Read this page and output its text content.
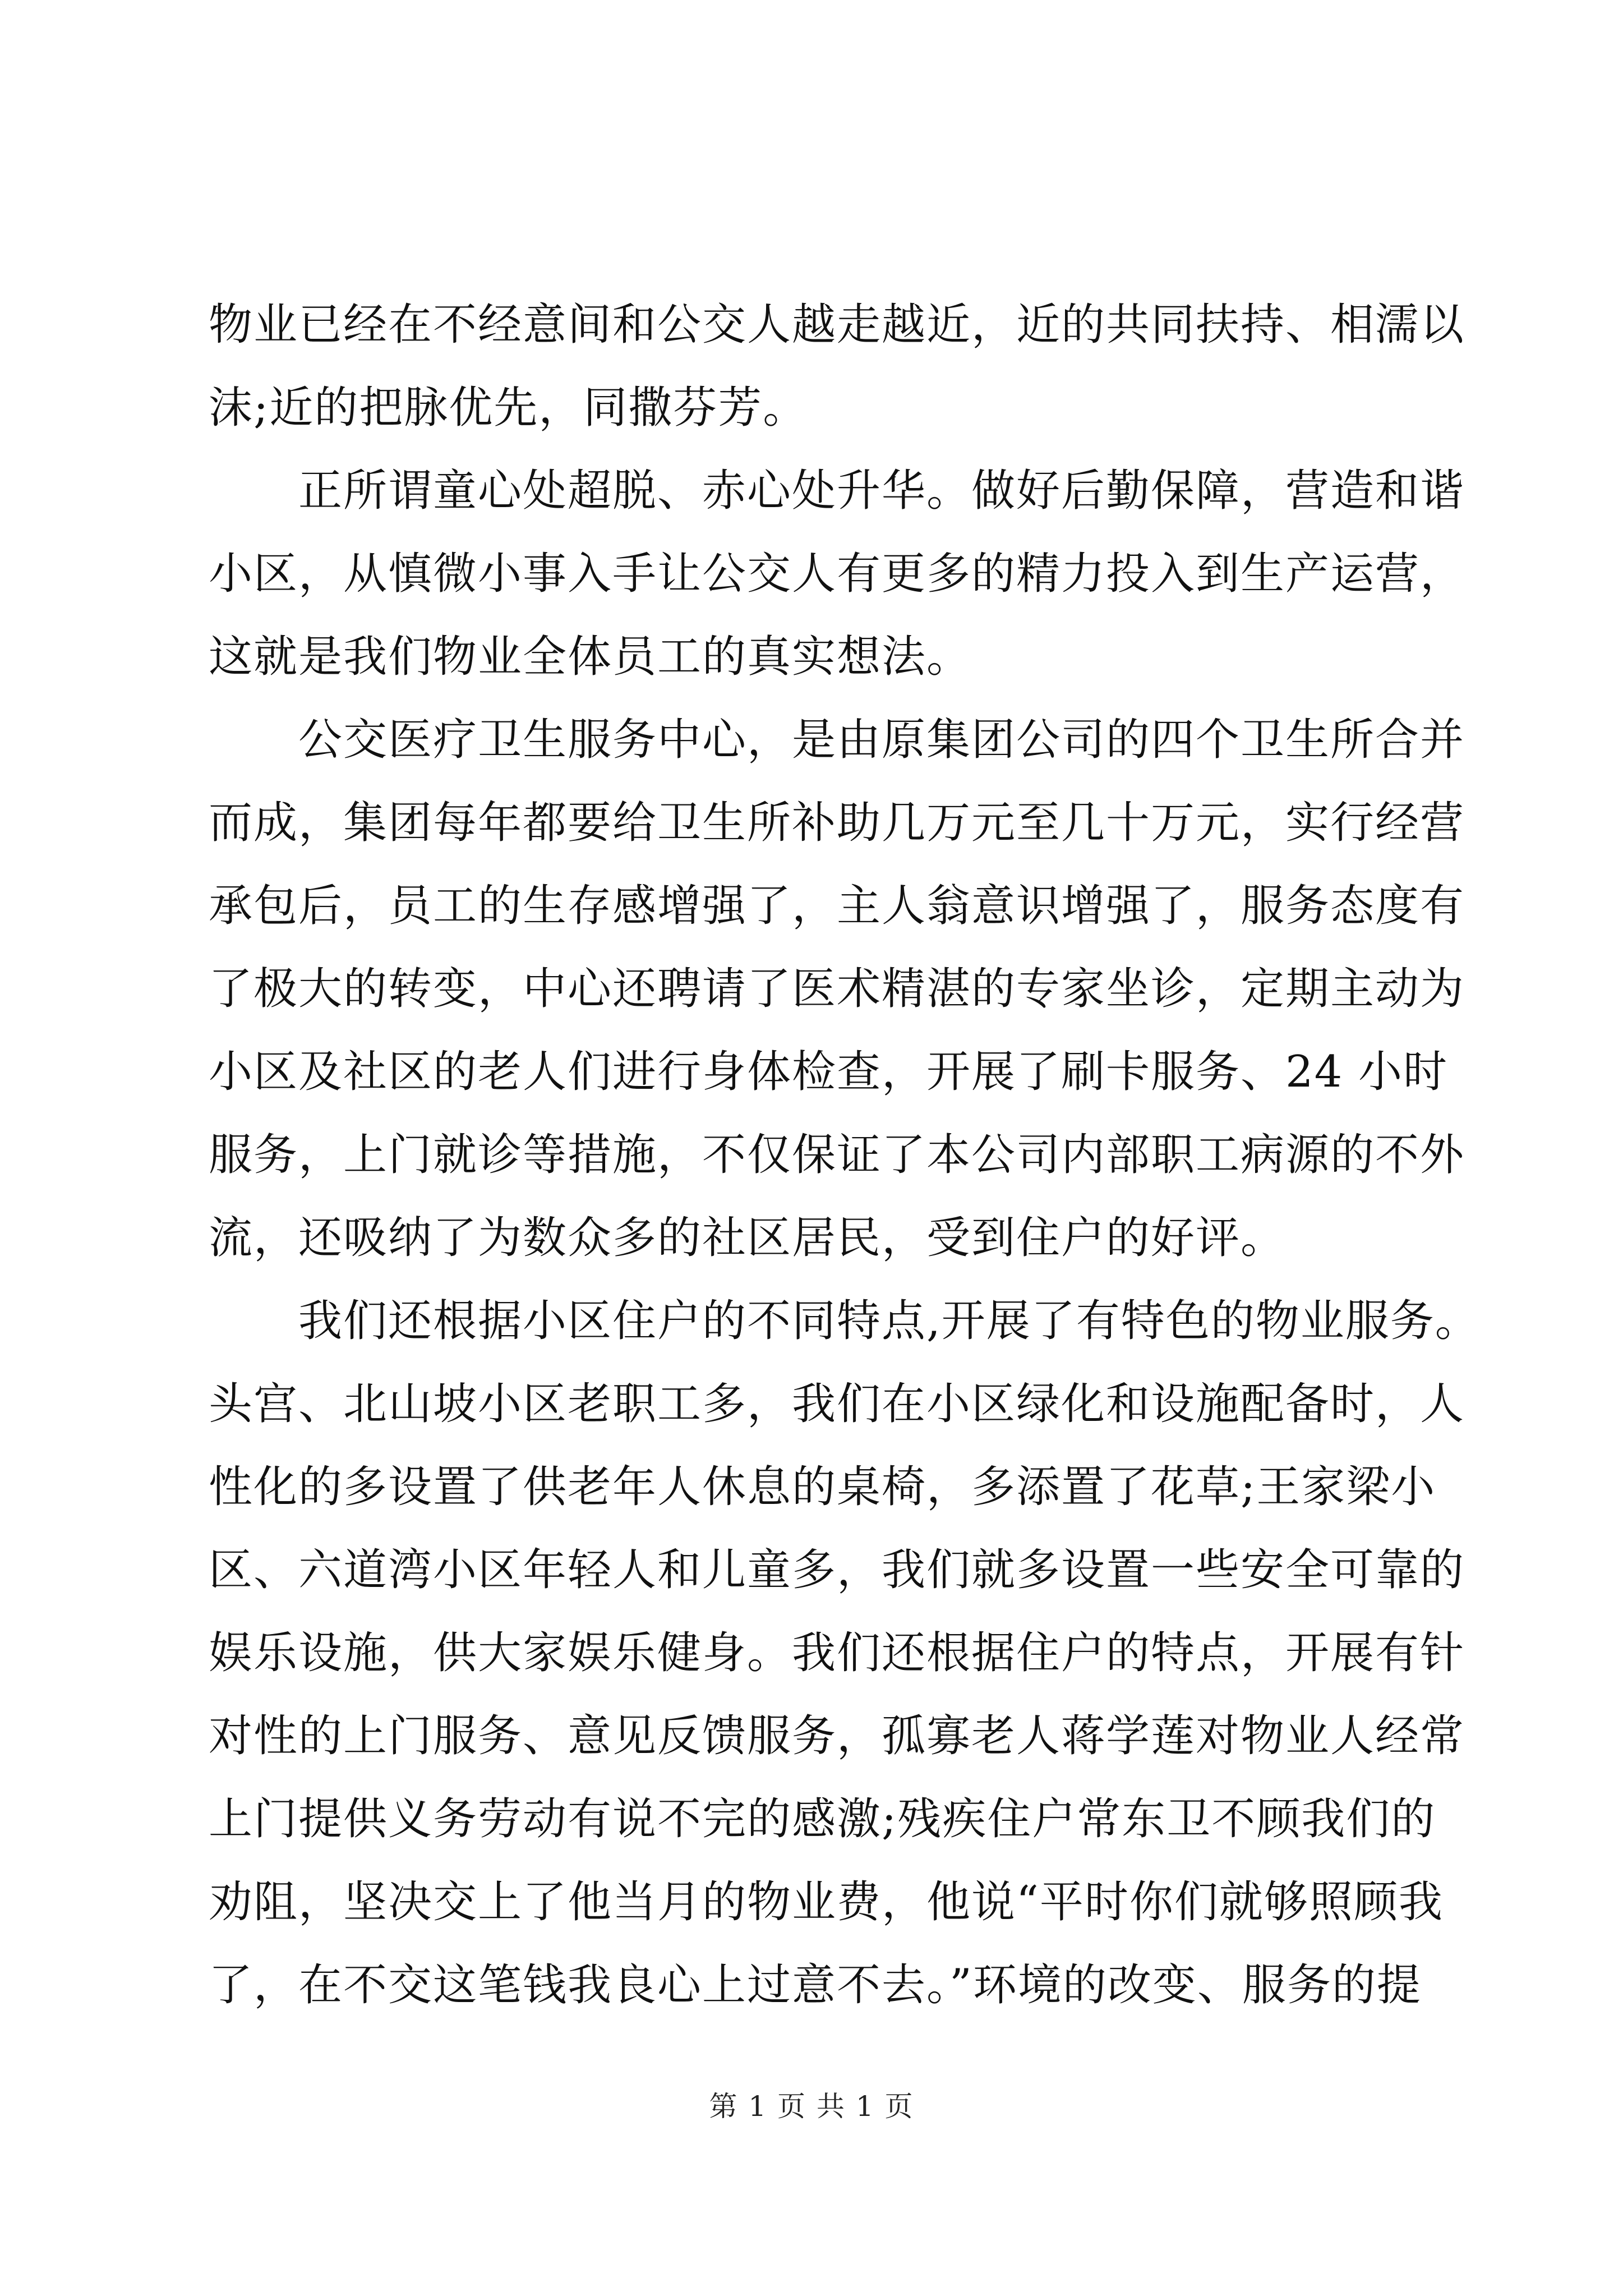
物业已经在不经意间和公交人越走越近，近的共同扶持、相濡以
沫;近的把脉优先，同撒芬芳。
　　正所谓童心处超脱、赤心处升华。做好后勤保障，营造和谐
小区，从慎微小事入手让公交人有更多的精力投入到生产运营，
这就是我们物业全体员工的真实想法。
　　公交医疗卫生服务中心，是由原集团公司的四个卫生所合并
而成，集团每年都要给卫生所补助几万元至几十万元，实行经营
承包后，员工的生存感增强了，主人翁意识增强了，服务态度有
了极大的转变，中心还聘请了医术精湛的专家坐诊，定期主动为
小区及社区的老人们进行身体检查，开展了刷卡服务、24 小时
服务，上门就诊等措施，不仅保证了本公司内部职工病源的不外
流，还吸纳了为数众多的社区居民，受到住户的好评。
　　我们还根据小区住户的不同特点,开展了有特色的物业服务。
头宫、北山坡小区老职工多，我们在小区绿化和设施配备时，人
性化的多设置了供老年人休息的桌椅，多添置了花草;王家梁小
区、六道湾小区年轻人和儿童多，我们就多设置一些安全可靠的
娱乐设施，供大家娱乐健身。我们还根据住户的特点，开展有针
对性的上门服务、意见反馈服务，孤寡老人蒋学莲对物业人经常
上门提供义务劳动有说不完的感激;残疾住户常东卫不顾我们的
劝阻，坚决交上了他当月的物业费，他说“平时你们就够照顾我
了，在不交这笔钱我良心上过意不去。”环境的改变、服务的提
第 1 页 共 1 页
